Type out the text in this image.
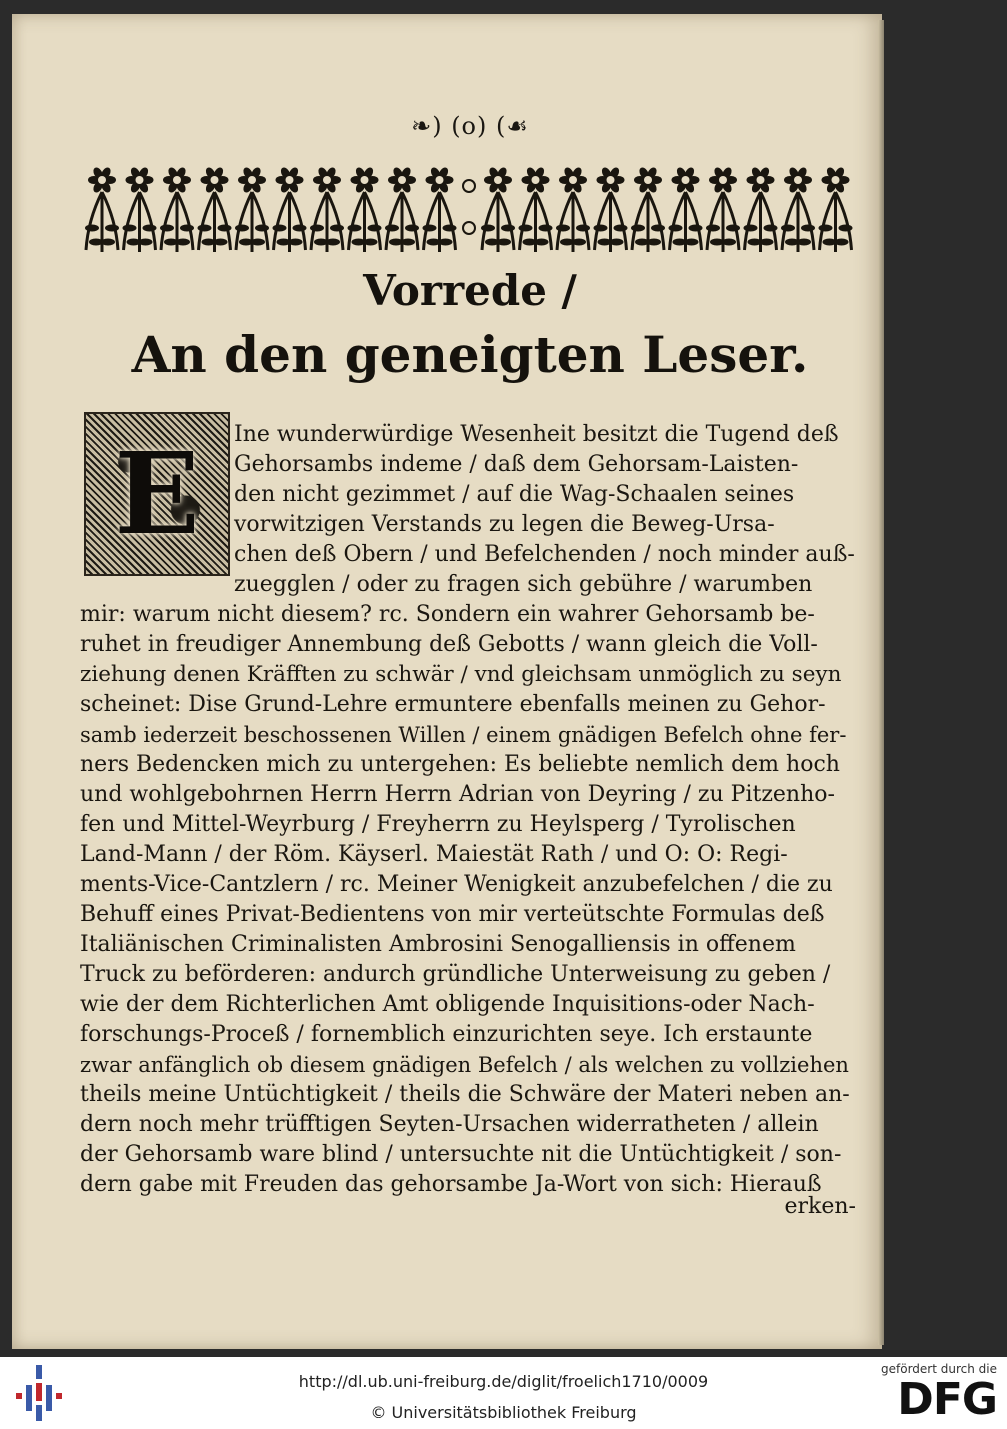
❧) (o) (☙
Vorrede /
An den geneigten Leser.
E	Ine wunderwürdige Wesenheit besitzt die Tugend deß
Gehorsambs indeme / daß dem Gehorsam-Laisten-
den nicht gezimmet / auf die Wag-Schaalen seines
vorwitzigen Verstands zu legen die Beweg-Ursa-
chen deß Obern / und Befelchenden / noch minder auß-
zuegglen / oder zu fragen sich gebühre / warumben
mir: warum nicht diesem? rc. Sondern ein wahrer Gehorsamb be-
ruhet in freudiger Annembung deß Gebotts / wann gleich die Voll-
ziehung denen Kräfften zu schwär / vnd gleichsam unmöglich zu seyn
scheinet: Dise Grund-Lehre ermuntere ebenfalls meinen zu Gehor-
samb iederzeit beschossenen Willen / einem gnädigen Befelch ohne fer-
ners Bedencken mich zu untergehen: Es beliebte nemlich dem hoch
und wohlgebohrnen Herrn Herrn Adrian von Deyring / zu Pitzenho-
fen und Mittel-Weyrburg / Freyherrn zu Heylsperg / Tyrolischen
Land-Mann / der Röm. Käyserl. Maiestät Rath / und O: O: Regi-
ments-Vice-Cantzlern / rc. Meiner Wenigkeit anzubefelchen / die zu
Behuff eines Privat-Bedientens von mir verteütschte Formulas deß
Italiänischen Criminalisten Ambrosini Senogalliensis in offenem
Truck zu beförderen: andurch gründliche Unterweisung zu geben /
wie der dem Richterlichen Amt obligende Inquisitions-oder Nach-
forschungs-Proceß / fornemblich einzurichten seye. Ich erstaunte
zwar anfänglich ob diesem gnädigen Befelch / als welchen zu vollziehen
theils meine Untüchtigkeit / theils die Schwäre der Materi neben an-
dern noch mehr trüfftigen Seyten-Ursachen widerratheten / allein
der Gehorsamb ware blind / untersuchte nit die Untüchtigkeit / son-
dern gabe mit Freuden das gehorsambe Ja-Wort von sich: Hierauß
erken-
http://dl.ub.uni-freiburg.de/diglit/froelich1710/0009
© Universitätsbibliothek Freiburg
gefördert durch die
DFG
